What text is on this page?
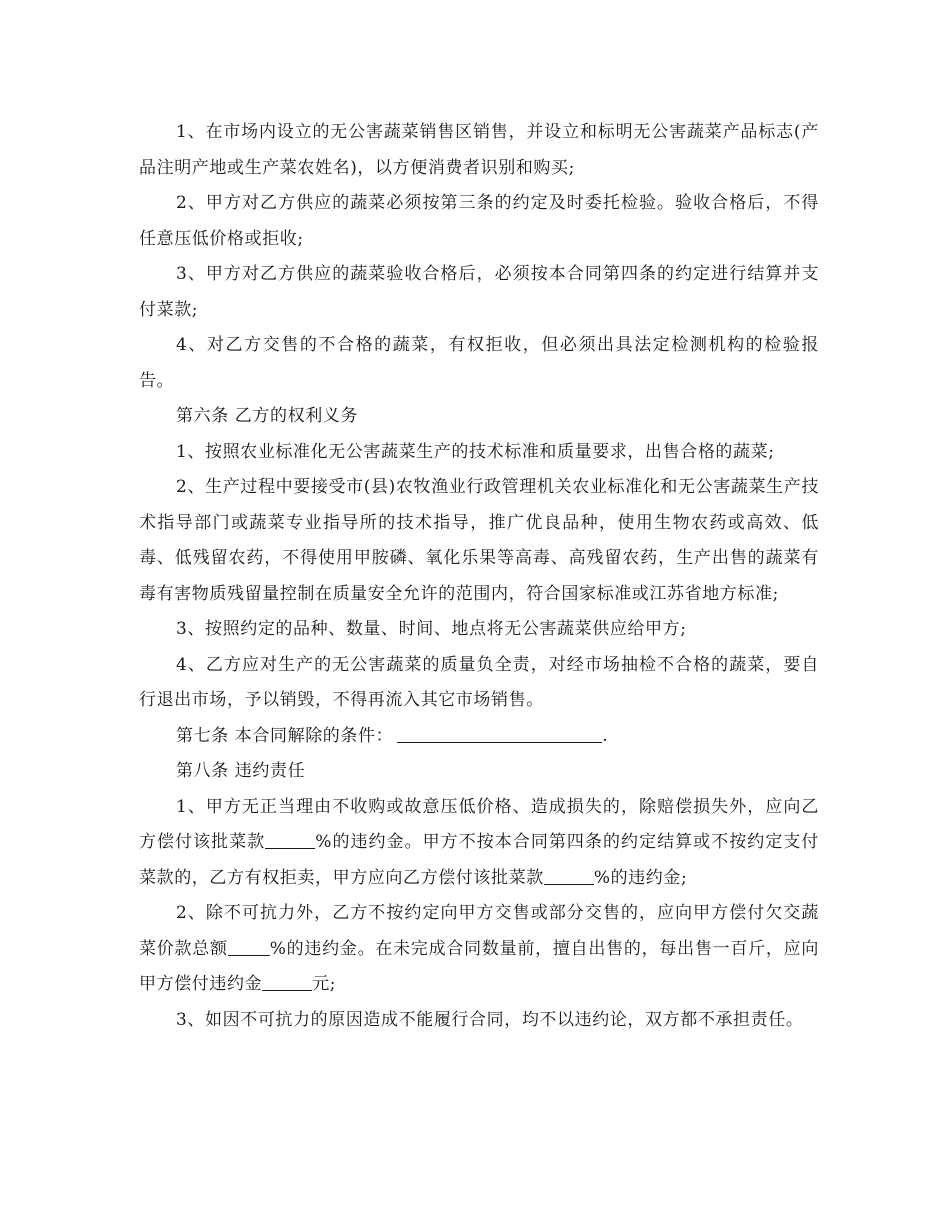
1、在市场内设立的无公害蔬菜销售区销售，并设立和标明无公害蔬菜产品标志(产品注明产地或生产菜农姓名)，以方便消费者识别和购买;

2、甲方对乙方供应的蔬菜必须按第三条的约定及时委托检验。验收合格后，不得任意压低价格或拒收;

3、甲方对乙方供应的蔬菜验收合格后，必须按本合同第四条的约定进行结算并支付菜款;

4、对乙方交售的不合格的蔬菜，有权拒收，但必须出具法定检测机构的检验报告。

第六条 乙方的权利义务

1、按照农业标准化无公害蔬菜生产的技术标准和质量要求，出售合格的蔬菜;

2、生产过程中要接受市(县)农牧渔业行政管理机关农业标准化和无公害蔬菜生产技术指导部门或蔬菜专业指导所的技术指导，推广优良品种，使用生物农药或高效、低毒、低残留农药，不得使用甲胺磷、氧化乐果等高毒、高残留农药，生产出售的蔬菜有毒有害物质残留量控制在质量安全允许的范围内，符合国家标准或江苏省地方标准;

3、按照约定的品种、数量、时间、地点将无公害蔬菜供应给甲方;

4、乙方应对生产的无公害蔬菜的质量负全责，对经市场抽检不合格的蔬菜，要自行退出市场，予以销毁，不得再流入其它市场销售。

第七条 本合同解除的条件：	.

第八条 违约责任

1、甲方无正当理由不收购或故意压低价格、造成损失的，除赔偿损失外，应向乙方偿付该批菜款	%的违约金。甲方不按本合同第四条的约定结算或不按约定支付菜款的，乙方有权拒卖，甲方应向乙方偿付该批菜款	%的违约金;

2、除不可抗力外，乙方不按约定向甲方交售或部分交售的，应向甲方偿付欠交蔬菜价款总额 %的违约金。在未完成合同数量前，擅自出售的，每出售一百斤，应向甲方偿付违约金	元;

3、如因不可抗力的原因造成不能履行合同，均不以违约论，双方都不承担责任。
